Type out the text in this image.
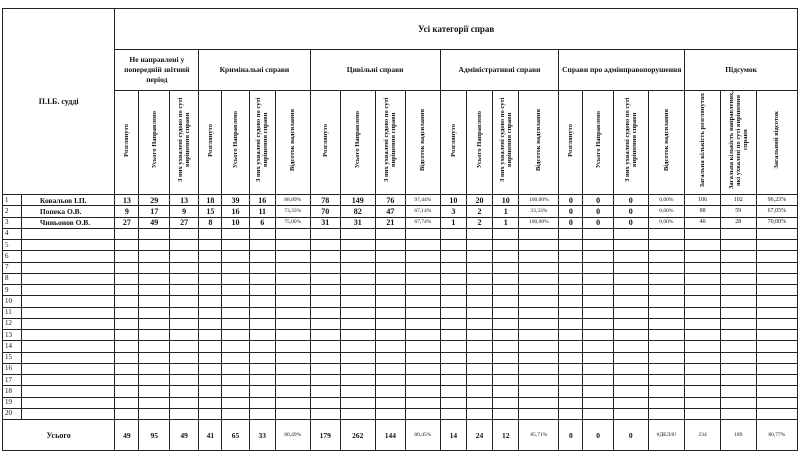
П.І.Б. судді		Усі категорії справ																					
		Не направлені у попередній звітний період			Кримінальні справи				Цивільні справи				Адміністративні справи				Справи про адмінправопорушення				Підсумок		
		Розглянуто	Усього Направлено	З них ухвалені судово по суті вирішення справи	Розглянуто	Усього Направлено	З них ухвалені судово по суті вирішення справи	Відсоток надсилання	Розглянуто	Усього Направлено	З них ухвалені судово по суті вирішення справи	Відсоток надсилання	Розглянуто	Усього Направлено	З них ухвалені судово по суті вирішення справи	Відсоток надсилання	Розглянуто	Усього Направлено	З них ухвалені судово по суті вирішення справи	Відсоток надсилання	Загальна кількість розглянутих	Загальна кількість направлених, які ухвалені по суті вирішення справи	Загальний відсоток
1	Ковальов І.П.	13	29	13	18	39	16	88,89%	78	149	76	97,44%	10	20	10	100,00%	0	0	0	0,00%	106	102	96,23%
2	Попека О.В.	9	17	9	15	16	11	73,33%	70	82	47	67,14%	3	2	1	33,33%	0	0	0	0,00%	88	59	67,05%
3	Чиньонов О.В.	27	49	27	8	10	6	75,00%	31	31	21	67,74%	1	2	1	100,00%	0	0	0	0,00%	40	28	70,00%
4																							
5																							
6																							
7																							
8																							
9																							
10																							
11																							
12																							
13																							
14																							
15																							
16																							
17																							
18																							
19																							
20																							
Усього		49	95	49	41	65	33	80,49%	179	262	144	80,45%	14	24	12	85,71%	0	0	0	#ДЕЛ/0!	234	189	80,77%
